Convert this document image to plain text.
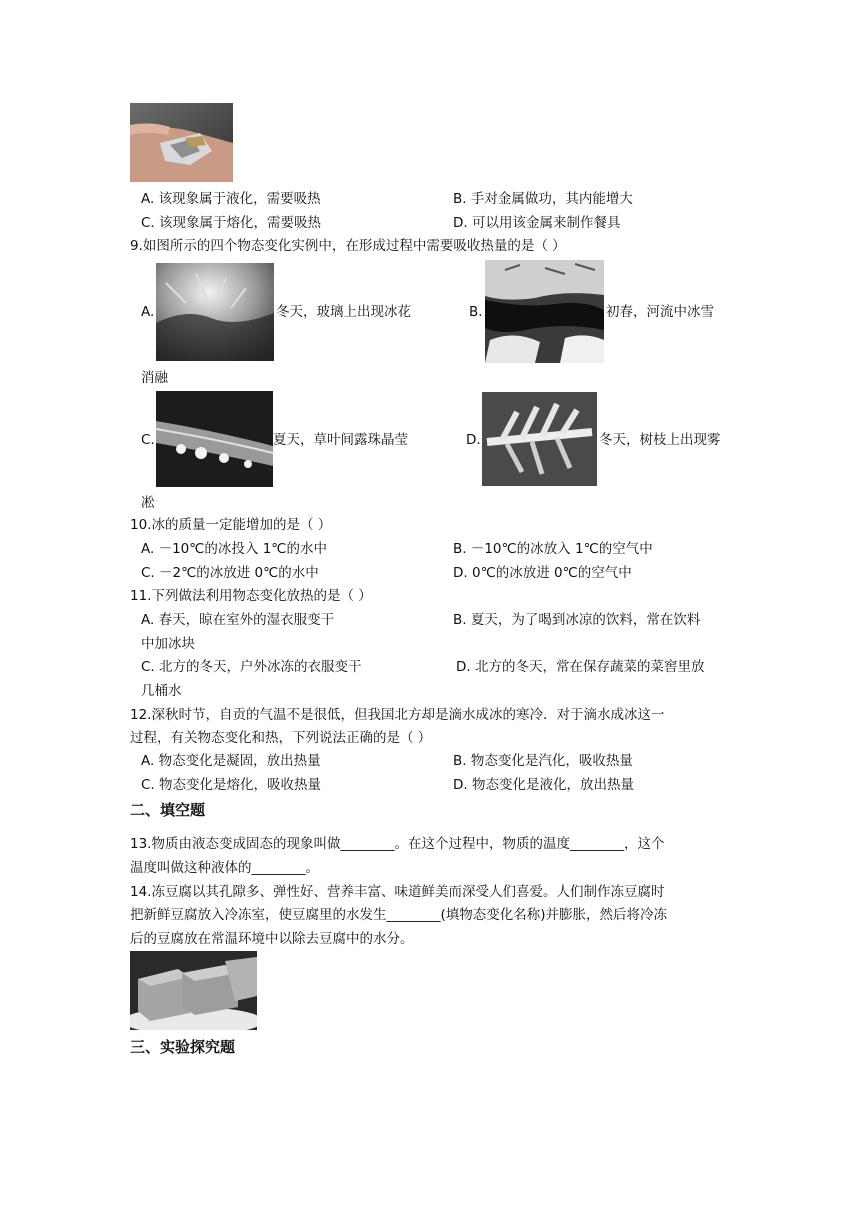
A. 该现象属于液化，需要吸热	B. 手对金属做功，其内能增大
C. 该现象属于熔化，需要吸热	D. 可以用该金属来制作餐具
9.如图所示的四个物态变化实例中，在形成过程中需要吸收热量的是（ ）
A.	冬天，玻璃上出现冰花	B.	初春，河流中冰雪
消融
C.	夏天，草叶间露珠晶莹	D.	冬天，树枝上出现雾
凇
10.冰的质量一定能增加的是（ ）
A. －10℃的冰投入 1℃的水中	B. －10℃的冰放入 1℃的空气中
C. －2℃的冰放进 0℃的水中	D. 0℃的冰放进 0℃的空气中
11.下列做法利用物态变化放热的是（ ）
A. 春天，晾在室外的湿衣服变干	B. 夏天，为了喝到冰凉的饮料，常在饮料
中加冰块
C. 北方的冬天，户外冰冻的衣服变干	D. 北方的冬天，常在保存蔬菜的菜窖里放
几桶水
12.深秋时节，自贡的气温不是很低，但我国北方却是滴水成冰的寒冷．对于滴水成冰这一
过程，有关物态变化和热，下列说法正确的是（ ）
A. 物态变化是凝固，放出热量	B. 物态变化是汽化，吸收热量
C. 物态变化是熔化，吸收热量	D. 物态变化是液化，放出热量
二、填空题
13.物质由液态变成固态的现象叫做________。在这个过程中，物质的温度________，这个
温度叫做这种液体的________。
14.冻豆腐以其孔隙多、弹性好、营养丰富、味道鲜美而深受人们喜爱。人们制作冻豆腐时
把新鲜豆腐放入冷冻室，使豆腐里的水发生________(填物态变化名称)并膨胀，然后将冷冻
后的豆腐放在常温环境中以除去豆腐中的水分。
三、实验探究题
